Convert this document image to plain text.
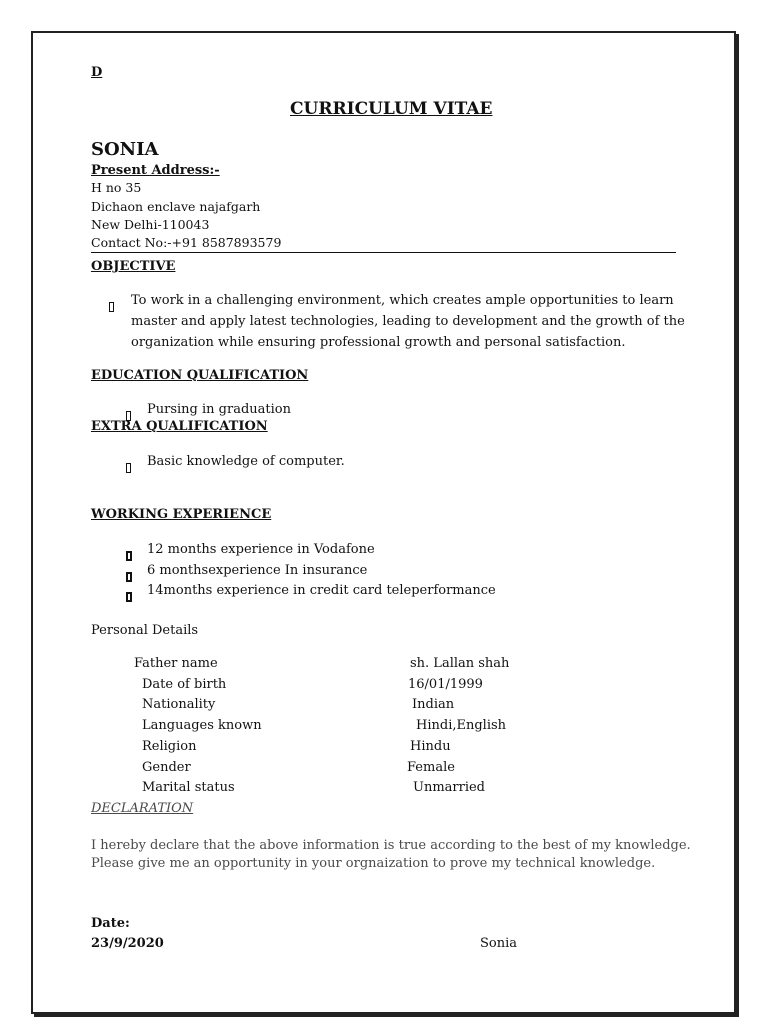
D
CURRICULUM VITAE
SONIA
Present Address:-
H no 35
Dichaon enclave najafgarh
New Delhi-110043
Contact No:-+91 8587893579
OBJECTIVE
To work in a challenging environment, which creates ample opportunities to learn
master and apply latest technologies, leading to development and the growth of the
organization while ensuring professional growth and personal satisfaction.
EDUCATION QUALIFICATION
Pursing in graduation
EXTRA QUALIFICATION
Basic knowledge of computer.
WORKING EXPERIENCE
12 months experience in Vodafone
6 monthsexperience In insurance
14months experience in credit card teleperformance
Personal Details
Father name	sh. Lallan shah
Date of birth	16/01/1999
Nationality	Indian
Languages known	Hindi,English
Religion	Hindu
Gender	Female
Marital status	Unmarried
DECLARATION
I hereby declare that the above information is true according to the best of my knowledge.
Please give me an opportunity in your orgnaization to prove my technical knowledge.
Date:
23/9/2020	Sonia
